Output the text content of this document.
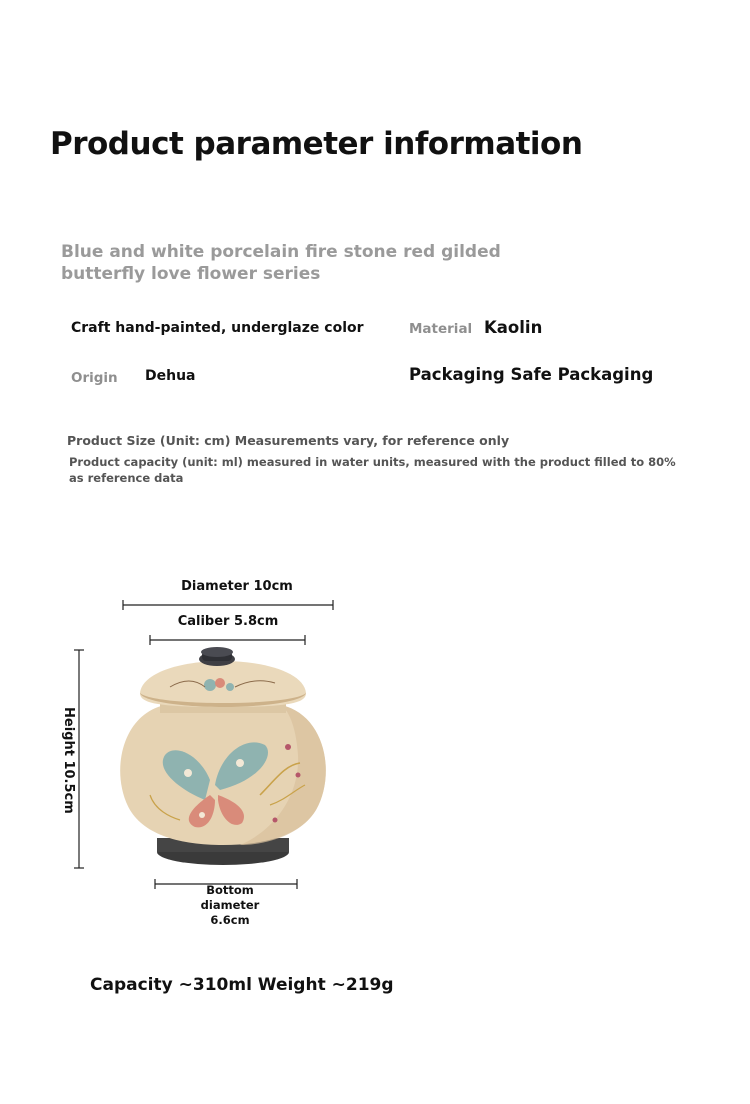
Product parameter information
Blue and white porcelain fire stone red gilded butterfly love flower series
Craft hand-painted, underglaze color	Material Kaolin
Origin Dehua	Packaging Safe Packaging
Product Size (Unit: cm) Measurements vary, for reference only
Product capacity (unit: ml) measured in water units, measured with the product filled to 80% as reference data
Diameter 10cm
Caliber 5.8cm
Height 10.5cm
Bottom diameter 6.6cm
Capacity ~310ml Weight ~219g
